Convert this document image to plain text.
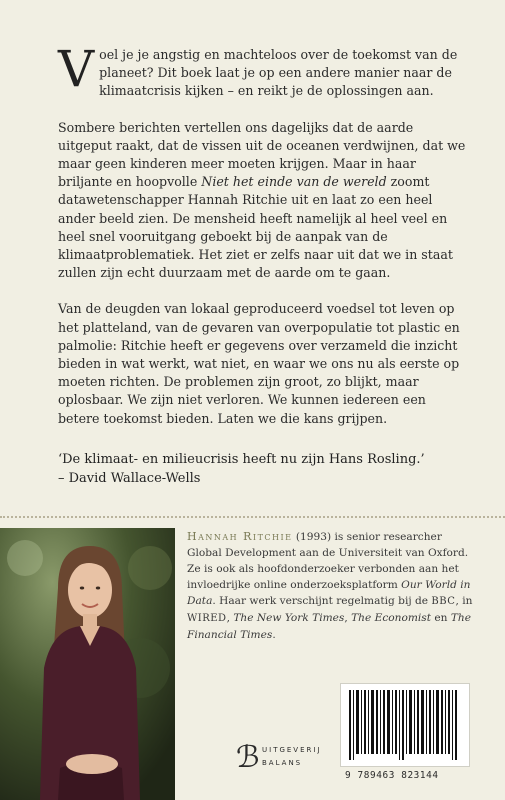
Voel je je angstig en machteloos over de toekomst van de planeet? Dit boek laat je op een andere manier naar de klimaatcrisis kijken – en reikt je de oplossingen aan.

Sombere berichten vertellen ons dagelijks dat de aarde uitgeput raakt, dat de vissen uit de oceanen verdwijnen, dat we maar geen kinderen meer moeten krijgen. Maar in haar briljante en hoopvolle Niet het einde van de wereld zoomt datawetenschapper Hannah Ritchie uit en laat zo een heel ander beeld zien. De mensheid heeft namelijk al heel veel en heel snel vooruitgang geboekt bij de aanpak van de klimaatproblematiek. Het ziet er zelfs naar uit dat we in staat zullen zijn echt duurzaam met de aarde om te gaan.

Van de deugden van lokaal geproduceerd voedsel tot leven op het platteland, van de gevaren van overpopulatie tot plastic en palmolie: Ritchie heeft er gegevens over verzameld die inzicht bieden in wat werkt, wat niet, en waar we ons nu als eerste op moeten richten. De problemen zijn groot, zo blijkt, maar oplosbaar. We zijn niet verloren. We kunnen iedereen een betere toekomst bieden. Laten we die kans grijpen.

‘De klimaat- en milieucrisis heeft nu zijn Hans Rosling.’
– David Wallace-Wells
Hannah Ritchie (1993) is senior researcher Global Development aan de Universiteit van Oxford. Ze is ook als hoofdonderzoeker verbonden aan het invloedrijke online onderzoeksplatform Our World in Data. Haar werk verschijnt regelmatig bij de BBC, in WIRED, The New York Times, The Economist en The Financial Times.
ℬ UITGEVERIJ
BALANS
9 789463 823144
